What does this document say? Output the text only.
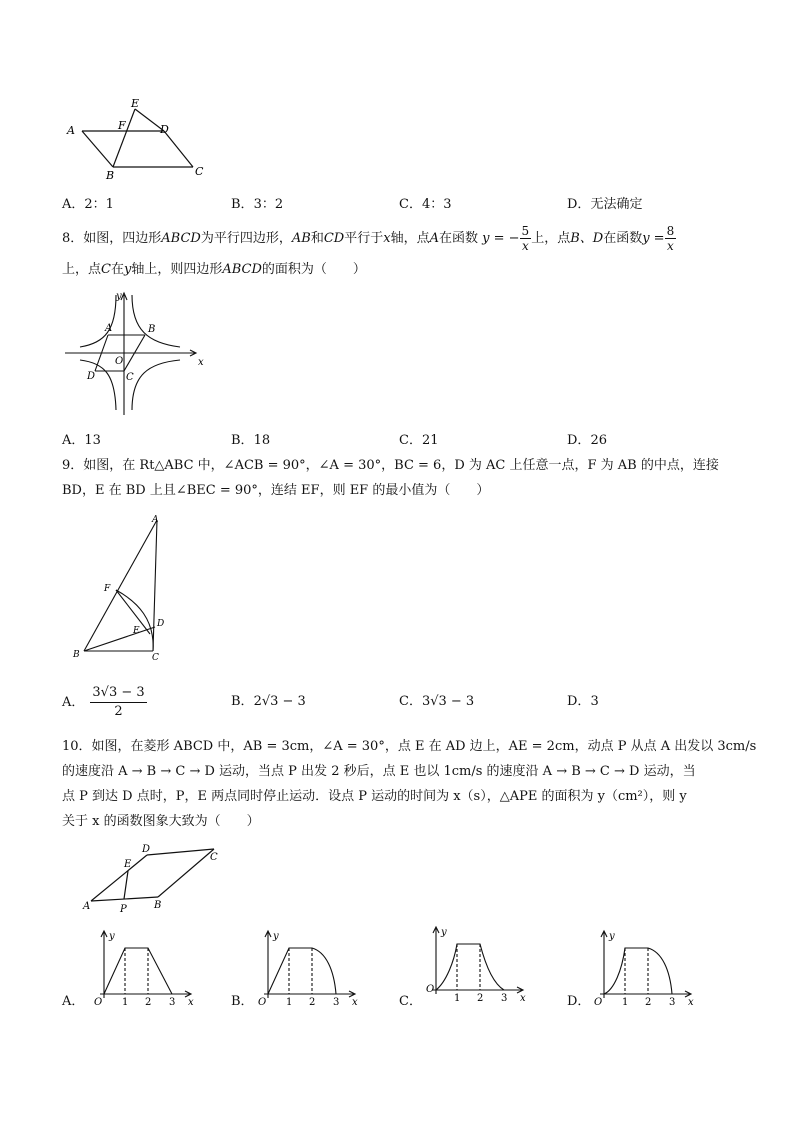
A
E
F	D
B	C
A．2：1	B．3：2	C．4：3	D．无法确定
8．如图，四边形ABCD为平行四边形，AB和CD平行于x轴，点A在函数 y = − $\frac{5}{x}$ 上，点B、D在函数$y = \frac{8}{x}$
上，点C在y轴上，则四边形ABCD的面积为（　　）
y
x
A	B
O
C
D
A．13	B．18	C．21	D．26
9．如图，在 Rt△ABC 中，∠ACB = 90°，∠A = 30°，BC = 6，D 为 AC 上任意一点，F 为 AB 的中点，连接
BD，E 在 BD 上且∠BEC = 90°，连结 EF，则 EF 的最小值为（　　）
A
F
E
D
B	C
A． $\frac{3√3 - 3}{2}$	B．2√3 − 3	C．3√3 − 3	D．3
10．如图，在菱形 ABCD 中，AB = 3cm，∠A = 30°，点 E 在 AD 边上，AE = 2cm，动点 P 从点 A 出发以 3cm/s
的速度沿 A → B → C → D 运动，当点 P 出发 2 秒后，点 E 也以 1cm/s 的速度沿 A → B → C → D 运动，当
点 P 到达 D 点时，P，E 两点同时停止运动．设点 P 运动的时间为 x（s），△APE 的面积为 y（cm²），则 y
关于 x 的函数图象大致为（　　）
E
D
C
A	P	B
y
x
O 1 2 3
A．
y
x
O 1 2 3
B．
y
x
O
1 2 3
C．
y
x
O 1 2 3
D．
